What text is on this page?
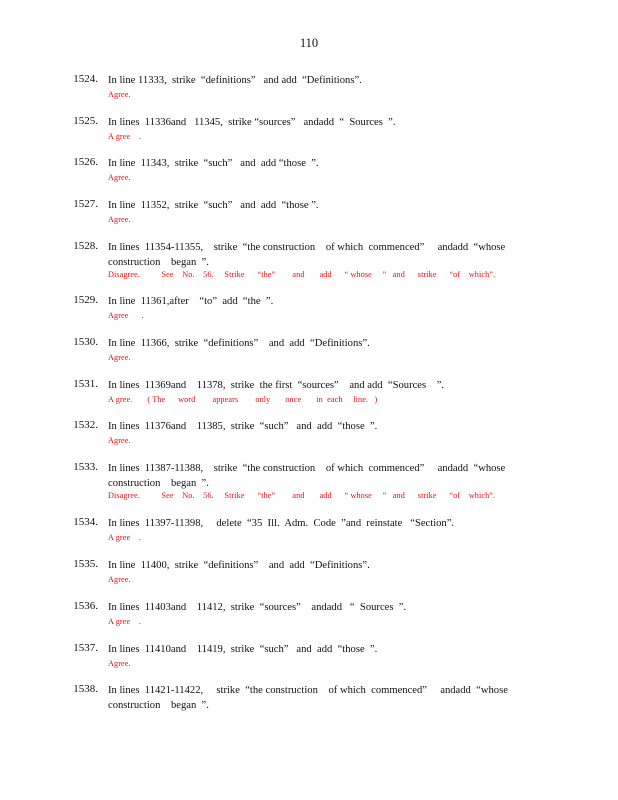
110
1524. In line 11333,  strike  “definitions”   and add  “Definitions”.
Agree.
1525. In lines  11336and   11345,  strike “sources”   andadd  “  Sources  ”.
A gree    .
1526. In line  11343,  strike  “such”   and  add “those  ”.
Agree.
1527. In line  11352,  strike  “such”   and  add  “those ”.
Agree.
1528. In lines  11354-11355,    strike  “the construction    of which  commenced”     andadd  “whose
construction    began  ”.
Disagree.          See    No.    56.     Strike      “the”        and       add      “ whose     ”   and      strike      “of    which”.
1529. In line  11361,after    “to”  add  “the  ”.
Agree      .
1530. In line  11366,  strike  “definitions”    and  add  “Definitions”.
Agree.
1531. In lines  11369and    11378,  strike  the first  “sources”    and add  “Sources    ”.
A gree.       ( The      word        appears        only       once       in  each     line.   )
1532. In lines  11376and    11385,  strike  “such”   and  add  “those  ”.
Agree.
1533. In lines  11387-11388,    strike  “the construction    of which  commenced”     andadd  “whose
construction    began  ”.
Disagree.          See    No.    56.     Strike      “the”        and       add      “ whose     ”   and      strike      “of    which”.
1534. In lines  11397-11398,     delete  “35  Ill.  Adm.  Code  ”and  reinstate   “Section”.
A gree    .
1535. In line  11400,  strike  “definitions”    and  add  “Definitions”.
Agree.
1536. In lines  11403and    11412,  strike  “sources”    andadd   “  Sources  ”.
A gree    .
1537. In lines  11410and    11419,  strike  “such”   and  add  “those  ”.
Agree.
1538. In lines  11421-11422,     strike  “the construction    of which  commenced”     andadd  “whose
construction    began  ”.
